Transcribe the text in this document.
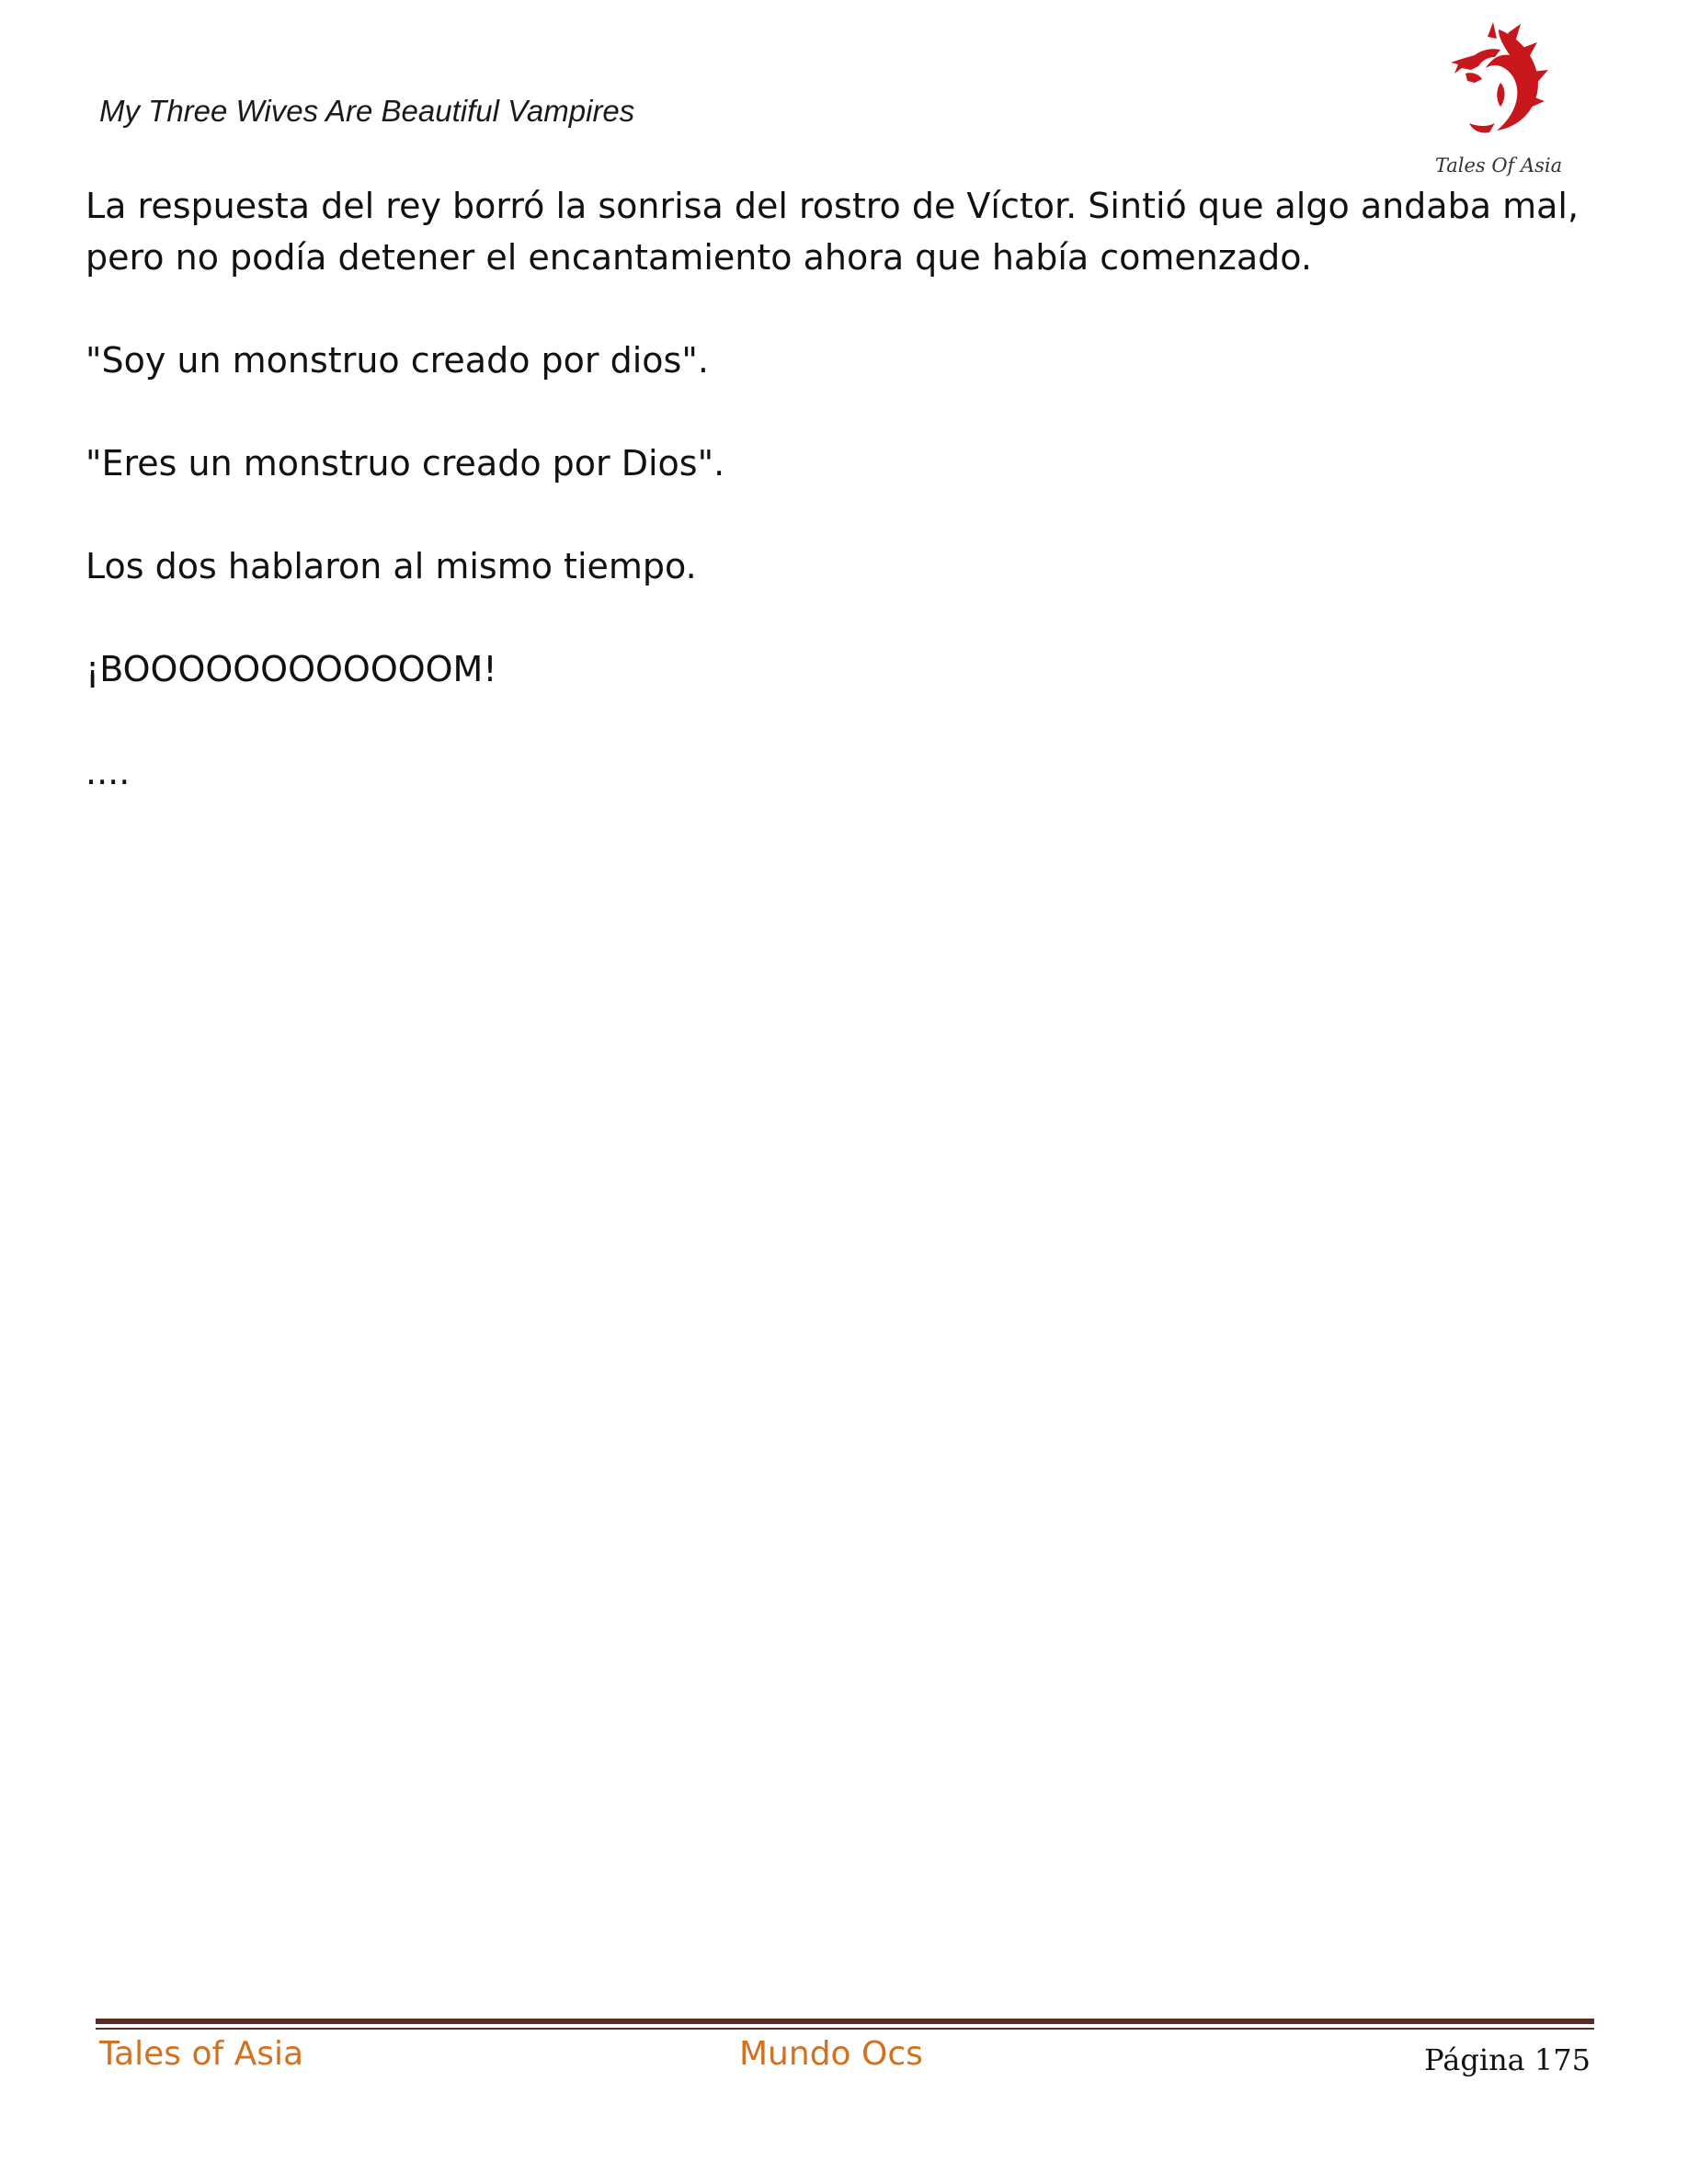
My Three Wives Are Beautiful Vampires
Tales Of Asia

La respuesta del rey borró la sonrisa del rostro de Víctor. Sintió que algo andaba mal, pero no podía detener el encantamiento ahora que había comenzado.

"Soy un monstruo creado por dios".

"Eres un monstruo creado por Dios".

Los dos hablaron al mismo tiempo.

¡BOOOOOOOOOOOOM!

....

Tales of Asia	Mundo Ocs	Página 175
